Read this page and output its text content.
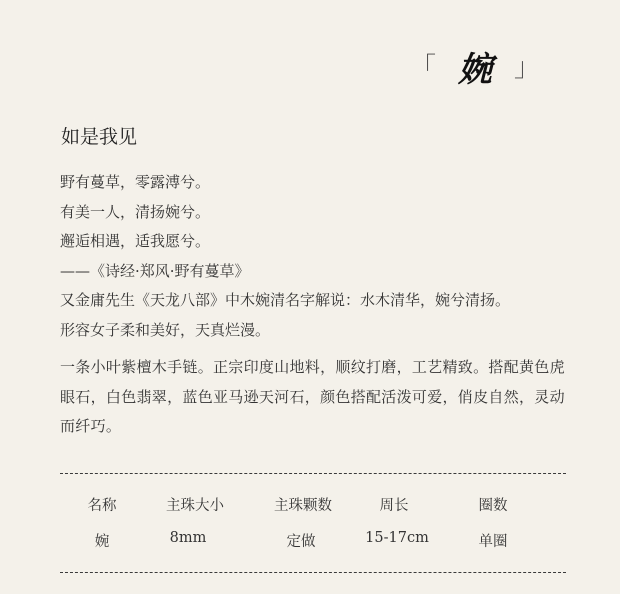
「 婉 」
如是我见

野有蔓草，零露溥兮。

有美一人，清扬婉兮。

邂逅相遇，适我愿兮。

——《诗经·郑风·野有蔓草》

又金庸先生《天龙八部》中木婉清名字解说：水木清华，婉兮清扬。

形容女子柔和美好，天真烂漫。

一条小叶紫檀木手链。正宗印度山地料，顺纹打磨，工艺精致。搭配黄色虎眼石，白色翡翠，蓝色亚马逊天河石，颜色搭配活泼可爱，俏皮自然，灵动而纤巧。

名称	主珠大小	主珠颗数	周长	圈数
婉	8mm	定做	15-17cm	单圈
